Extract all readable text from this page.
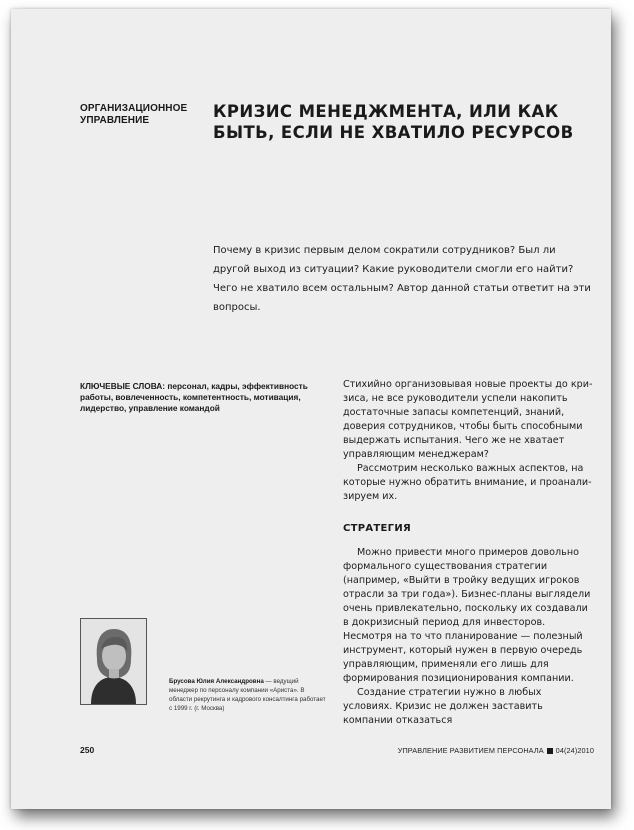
ОРГАНИЗАЦИОННОЕ УПРАВЛЕНИЕ	КРИЗИС МЕНЕДЖМЕНТА, ИЛИ КАК БЫТЬ, ЕСЛИ НЕ ХВАТИЛО РЕСУРСОВ
Почему в кризис первым делом сократили сотрудников? Был ли другой выход из ситуации? Какие руководители смогли его найти? Чего не хватило всем остальным? Автор данной статьи ответит на эти вопросы.
КЛЮЧЕВЫЕ СЛОВА: персонал, кадры, эффективность работы, вовлеченность, компетентность, мотивация, лидерство, управление командой

Стихийно организовывая новые проекты до кризиса, не все руководители успели накопить достаточные запасы компетенций, знаний, доверия сотрудников, чтобы быть способными выдержать испытания. Чего же не хватает управляющим менеджерам?

Рассмотрим несколько важных аспектов, на которые нужно обратить внимание, и проанализируем их.

СТРАТЕГИЯ

Можно привести много примеров довольно формального существования стратегии (например, «Выйти в тройку ведущих игроков отрасли за три года»). Бизнес-планы выглядели очень привлекательно, поскольку их создавали в докризисный период для инвесторов. Несмотря на то что планирование — полезный инструмент, который нужен в первую очередь управляющим, применяли его лишь для формирования позиционирования компании.

Создание стратегии нужно в любых условиях. Кризис не должен заставить компании отказаться

Брусова Юлия Александровна — ведущий менеджер по персоналу компании «Ариста». В области рекрутинга и кадрового консалтинга работает с 1999 г. (г. Москва)
250	УПРАВЛЕНИЕ РАЗВИТИЕМ ПЕРСОНАЛА 04(24)2010
